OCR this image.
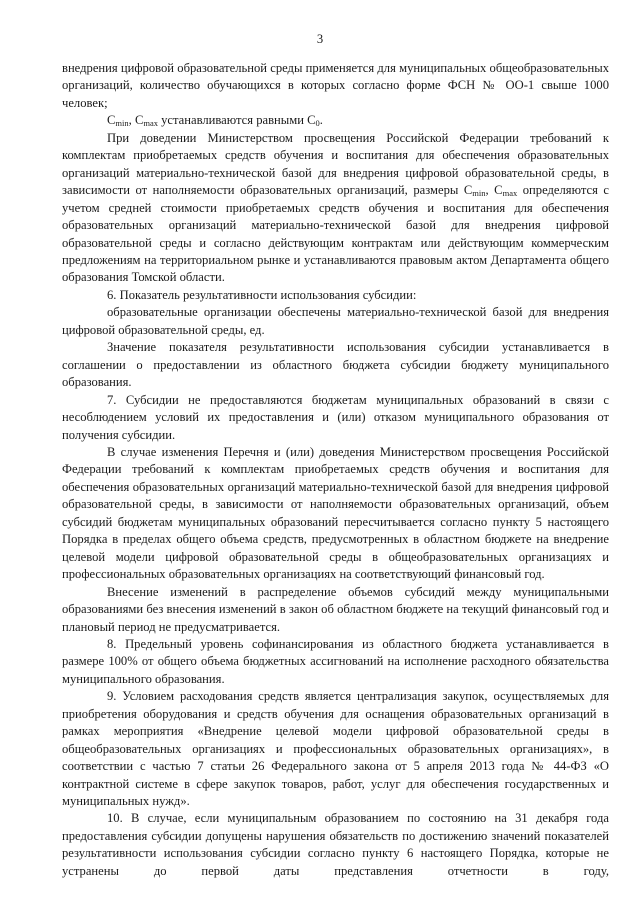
3

внедрения цифровой образовательной среды применяется для муниципальных общеобразовательных организаций, количество обучающихся в которых согласно форме ФСН № ОО-1 свыше 1000 человек;

$C_{min}$, $C_{max}$ устанавливаются равными $C_0$.

При доведении Министерством просвещения Российской Федерации требований к комплектам приобретаемых средств обучения и воспитания для обеспечения образовательных организаций материально-технической базой для внедрения цифровой образовательной среды, в зависимости от наполняемости образовательных организаций, размеры $C_{min}$, $C_{max}$ определяются с учетом средней стоимости приобретаемых средств обучения и воспитания для обеспечения образовательных организаций материально-технической базой для внедрения цифровой образовательной среды и согласно действующим контрактам или действующим коммерческим предложениям на территориальном рынке и устанавливаются правовым актом Департамента общего образования Томской области.

6. Показатель результативности использования субсидии:

образовательные организации обеспечены материально-технической базой для внедрения цифровой образовательной среды, ед.

Значение показателя результативности использования субсидии устанавливается в соглашении о предоставлении из областного бюджета субсидии бюджету муниципального образования.

7. Субсидии не предоставляются бюджетам муниципальных образований в связи с несоблюдением условий их предоставления и (или) отказом муниципального образования от получения субсидии.

В случае изменения Перечня и (или) доведения Министерством просвещения Российской Федерации требований к комплектам приобретаемых средств обучения и воспитания для обеспечения образовательных организаций материально-технической базой для внедрения цифровой образовательной среды, в зависимости от наполняемости образовательных организаций, объем субсидий бюджетам муниципальных образований пересчитывается согласно пункту 5 настоящего Порядка в пределах общего объема средств, предусмотренных в областном бюджете на внедрение целевой модели цифровой образовательной среды в общеобразовательных организациях и профессиональных образовательных организациях на соответствующий финансовый год.

Внесение изменений в распределение объемов субсидий между муниципальными образованиями без внесения изменений в закон об областном бюджете на текущий финансовый год и плановый период не предусматривается.

8. Предельный уровень софинансирования из областного бюджета устанавливается в размере 100% от общего объема бюджетных ассигнований на исполнение расходного обязательства муниципального образования.

9. Условием расходования средств является централизация закупок, осуществляемых для приобретения оборудования и средств обучения для оснащения образовательных организаций в рамках мероприятия «Внедрение целевой модели цифровой образовательной среды в общеобразовательных организациях и профессиональных образовательных организациях», в соответствии с частью 7 статьи 26 Федерального закона от 5 апреля 2013 года № 44-ФЗ «О контрактной системе в сфере закупок товаров, работ, услуг для обеспечения государственных и муниципальных нужд».

10. В случае, если муниципальным образованием по состоянию на 31 декабря года предоставления субсидии допущены нарушения обязательств по достижению значений показателей результативности использования субсидии согласно пункту 6 настоящего Порядка, которые не устранены до первой даты представления отчетности в году,
